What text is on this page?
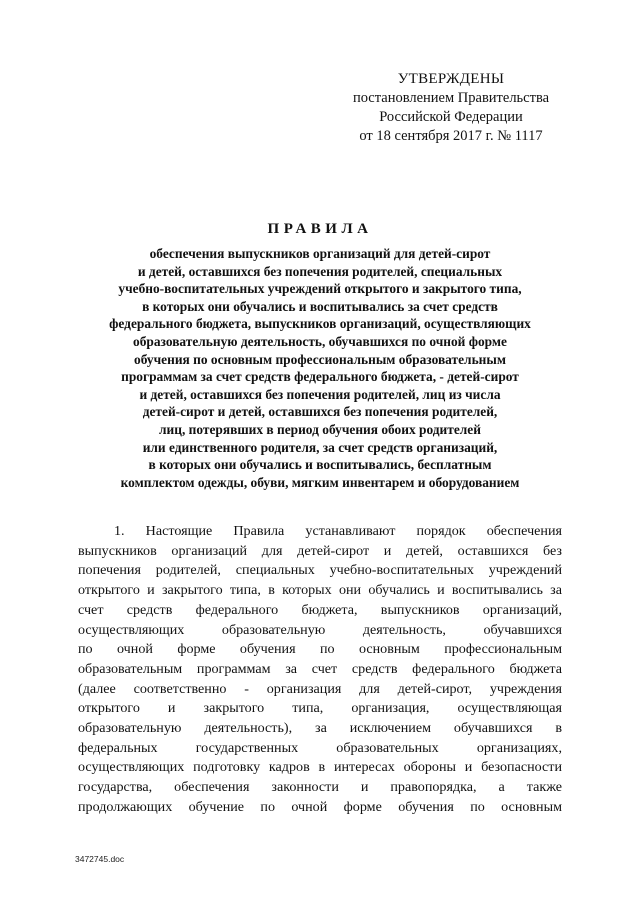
УТВЕРЖДЕНЫ
постановлением Правительства
Российской Федерации
от 18 сентября 2017 г. № 1117
ПРАВИЛА
обеспечения выпускников организаций для детей-сирот
и детей, оставшихся без попечения родителей, специальных
учебно-воспитательных учреждений открытого и закрытого типа,
в которых они обучались и воспитывались за счет средств
федерального бюджета, выпускников организаций, осуществляющих
образовательную деятельность, обучавшихся по очной форме
обучения по основным профессиональным образовательным
программам за счет средств федерального бюджета, - детей-сирот
и детей, оставшихся без попечения родителей, лиц из числа
детей-сирот и детей, оставшихся без попечения родителей,
лиц, потерявших в период обучения обоих родителей
или единственного родителя, за счет средств организаций,
в которых они обучались и воспитывались, бесплатным
комплектом одежды, обуви, мягким инвентарем и оборудованием
1. Настоящие Правила устанавливают порядок обеспечения
выпускников организаций для детей-сирот и детей, оставшихся без
попечения родителей, специальных учебно-воспитательных учреждений
открытого и закрытого типа, в которых они обучались и воспитывались за
счет средств федерального бюджета, выпускников организаций,
осуществляющих образовательную деятельность, обучавшихся
по очной форме обучения по основным профессиональным
образовательным программам за счет средств федерального бюджета
(далее соответственно - организация для детей-сирот, учреждения
открытого и закрытого типа, организация, осуществляющая
образовательную деятельность), за исключением обучавшихся в
федеральных государственных образовательных организациях,
осуществляющих подготовку кадров в интересах обороны и безопасности
государства, обеспечения законности и правопорядка, а также
продолжающих обучение по очной форме обучения по основным
3472745.doc
